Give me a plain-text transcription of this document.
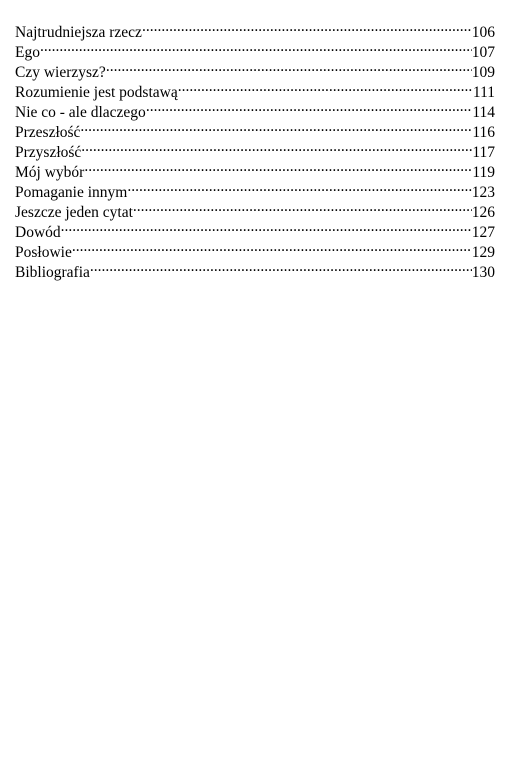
Najtrudniejsza rzecz .....	106
Ego .....	107
Czy wierzysz? .....	109
Rozumienie jest podstawą .....	111
Nie co - ale dlaczego .....	114
Przeszłość .....	116
Przyszłość .....	117
Mój wybór .....	119
Pomaganie innym .....	123
Jeszcze jeden cytat .....	126
Dowód .....	127
Posłowie .....	129
Bibliografia .....	130
